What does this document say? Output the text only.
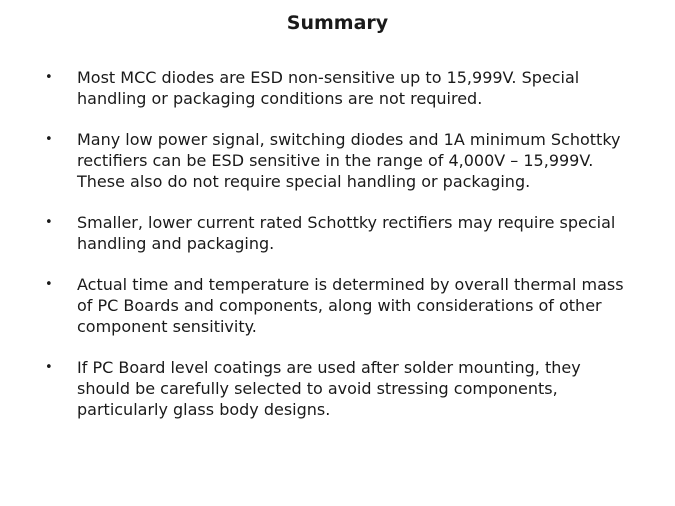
Summary
• Most MCC diodes are ESD non-sensitive up to 15,999V. Special handling or packaging conditions are not required.
• Many low power signal, switching diodes and 1A minimum Schottky rectifiers can be ESD sensitive in the range of 4,000V – 15,999V. These also do not require special handling or packaging.
• Smaller, lower current rated Schottky rectifiers may require special handling and packaging.
• Actual time and temperature is determined by overall thermal mass of PC Boards and components, along with considerations of other component sensitivity.
• If PC Board level coatings are used after solder mounting, they should be carefully selected to avoid stressing components, particularly glass body designs.
